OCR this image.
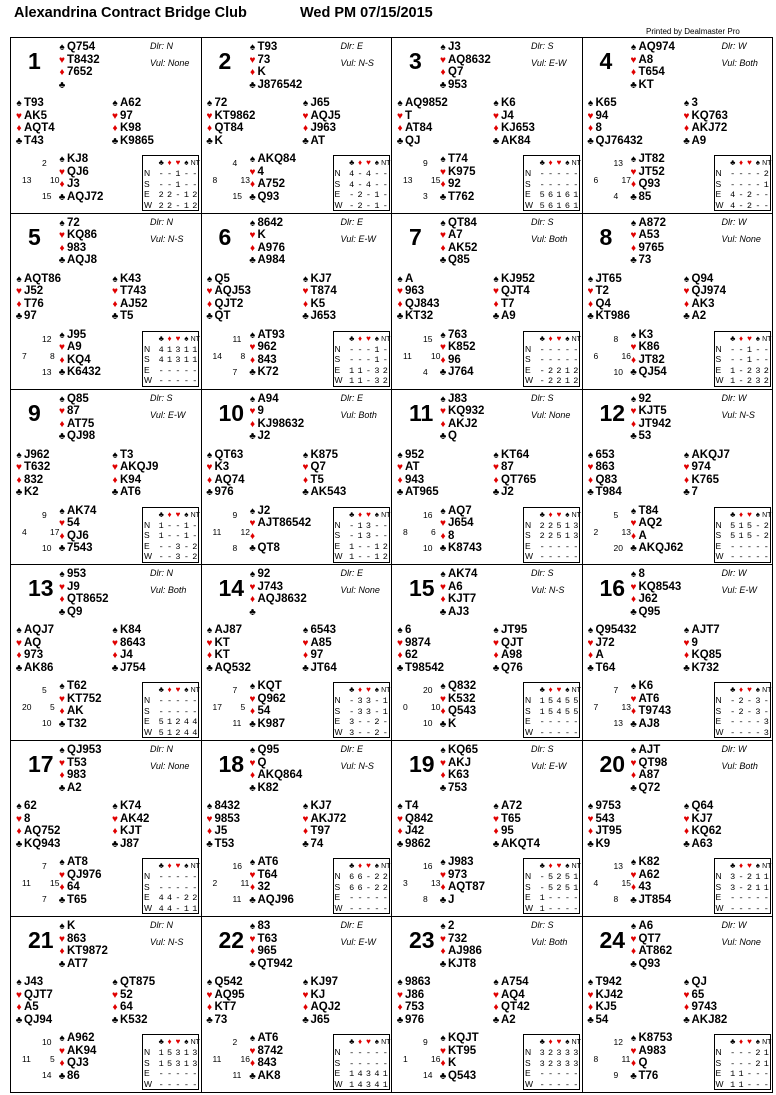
Alexandrina Contract Bridge Club	Wed PM 07/15/2015
Printed by Dealmaster Pro
1
Dlr: N
Vul: None
♠ Q754
♥ T8432
♦ 7652
♣
♠ T93
♥ AK5
♦ AQT4
♣ T43
♠ A62
♥ 97
♦ K98
♣ K9865
♠ KJ8
♥ QJ6
♦ J3
♣ AQJ72
2
13 10
15
♣ ♦ ♥ ♠ NT
N - - 1 - -
S - - 1 - -
E 2 2 - 1 2
W 2 2 - 1 2
2
Dlr: E
Vul: N-S
♠ T93
♥ 73
♦ K
♣ J876542
♠ 72
♥ KT9862
♦ QT84
♣ K
♠ J65
♥ AQJ5
♦ J963
♣ AT
♠ AKQ84
♥ 4
♦ A752
♣ Q93
4
8	13
15
♣ ♦ ♥ ♠ NT
N 4 - 4 - -
S 4 - 4 - -
E - 2 - 1 -
W - 2 - 1 -
3
Dlr: S
Vul: E-W
♠ J3
♥ AQ8632
♦ Q7
♣ 953
♠ AQ9852
♥ T
♦ AT84
♣ QJ
♠ K6
♥ J4
♦ KJ653
♣ AK84
♠ T74
♥ K975
♦ 92
♣ T762
9
13 15
3
♣ ♦ ♥ ♠ NT
N - - - - -
S - - - - -
E 5 6 1 6 1
W 5 6 1 6 1
4
Dlr: W
Vul: Both
♠ AQ974
♥ A8
♦ T654
♣ KT
♠ K65
♥ 94
♦ 8
♣ QJ76432
♠ 3
♥ KQ763
♦ AKJ72
♣ A9
♠ JT82
♥ JT52
♦ Q93
♣ 85
13
6	17
4
♣ ♦ ♥ ♠ NT
N - - - - 2
S - - - - 1
E 4 - 2 - -
W 4 - 2 - -
5
Dlr: N
Vul: N-S
♠ 72
♥ KQ86
♦ 983
♣ AQJ8
♠ AQT86
♥ J52
♦ T76
♣ 97
♠ K43
♥ T743
♦ AJ52
♣ T5
♠ J95
♥ A9
♦ KQ4
♣ K6432
12
7	8
13
♣ ♦ ♥ ♠ NT
N 4 1 3 1 1
S 4 1 3 1 1
E - - - - -
W - - - - -
6
Dlr: E
Vul: E-W
♠ 8642
♥ K
♦ A976
♣ A984
♠ Q5
♥ AQJ53
♦ QJT2
♣ QT
♠ KJ7
♥ T874
♦ K5
♣ J653
♠ AT93
♥ 962
♦ 843
♣ K72
11
14 8
7
♣ ♦ ♥ ♠ NT
N - - - 1 -
S - - - 1 -
E 1 1 - 3 2
W 1 1 - 3 2
7
Dlr: S
Vul: Both
♠ QT84
♥ A7
♦ AK52
♣ Q85
♠ A
♥ 963
♦ QJ843
♣ KT32
♠ KJ952
♥ QJT4
♦ T7
♣ A9
♠ 763
♥ K852
♦ 96
♣ J764
15
11 10
4
♣ ♦ ♥ ♠ NT
N - - - - -
S - - - - -
E - 2 2 1 2
W - 2 2 1 2
8
Dlr: W
Vul: None
♠ A872
♥ A53
♦ 9765
♣ 73
♠ JT65
♥ T2
♦ Q4
♣ KT986
♠ Q94
♥ QJ974
♦ AK3
♣ A2
♠ K3
♥ K86
♦ JT82
♣ QJ54
8
6	16
10
♣ ♦ ♥ ♠ NT
N - - 1 - -
S - - 1 - -
E 1 - 2 3 2
W 1 - 2 3 2
9
Dlr: S
Vul: E-W
♠ Q85
♥ 87
♦ AT75
♣ QJ98
♠ J962
♥ T632
♦ 832
♣ K2
♠ T3
♥ AKQJ9
♦ K94
♣ AT6
♠ AK74
♥ 54
♦ QJ6
♣ 7543
9
4	17
10
♣ ♦ ♥ ♠ NT
N 1 - - 1 -
S 1 - - 1 -
E - - 3 - 2
W - - 3 - 2
10
Dlr: E
Vul: Both
♠ A94
♥ 9
♦ KJ98632
♣ J2
♠ QT63
♥ K3
♦ AQ74
♣ 976
♠ K875
♥ Q7
♦ T5
♣ AK543
♠ J2
♥ AJT86542
♦
♣ QT8
9
11 12
8
♣ ♦ ♥ ♠ NT
N - 1 3 - -
S - 1 3 - -
E 1 - - 1 2
W 1 - - 1 2
11
Dlr: S
Vul: None
♠ J83
♥ KQ932
♦ AKJ2
♣ Q
♠ 952
♥ AT
♦ 943
♣ AT965
♠ KT64
♥ 87
♦ QT765
♣ J2
♠ AQ7
♥ J654
♦ 8
♣ K8743
16
8	6
10
♣ ♦ ♥ ♠ NT
N 2 2 5 1 3
S 2 2 5 1 3
E - - - - -
W - - - - -
12
Dlr: W
Vul: N-S
♠ 92
♥ KJT5
♦ JT942
♣ 53
♠ 653
♥ 863
♦ Q83
♣ T984
♠ AKQJ7
♥ 974
♦ K765
♣ 7
♠ T84
♥ AQ2
♦ A
♣ AKQJ62
5
2	13
20
♣ ♦ ♥ ♠ NT
N 5 1 5 - 2
S 5 1 5 - 2
E - - - - -
W - - - - -
13
Dlr: N
Vul: Both
♠ 953
♥ J9
♦ QT8652
♣ Q9
♠ AQJ7
♥ AQ
♦ 973
♣ AK86
♠ K84
♥ 8643
♦ J4
♣ J754
♠ T62
♥ KT752
♦ AK
♣ T32
5
20 5
10
♣ ♦ ♥ ♠ NT
N - - - - -
S - - - - -
E 5 1 2 4 4
W 5 1 2 4 4
14
Dlr: E
Vul: None
♠ 92
♥ J743
♦ AQJ8632
♣
♠ AJ87
♥ KT
♦ KT
♣ AQ532
♠ 6543
♥ A85
♦ 97
♣ JT64
♠ KQT
♥ Q962
♦ 54
♣ K987
7
17 5
11
♣ ♦ ♥ ♠ NT
N - 3 3 - 1
S - 3 3 - 1
E 3 - - 2 -
W 3 - - 2 -
15
Dlr: S
Vul: N-S
♠ AK74
♥ A6
♦ KJT7
♣ AJ3
♠ 6
♥ 9874
♦ 62
♣ T98542
♠ JT95
♥ QJT
♦ A98
♣ Q76
♠ Q832
♥ K532
♦ Q543
♣ K
20
0	10
10
♣ ♦ ♥ ♠ NT
N 1 5 4 5 5
S 1 5 4 5 5
E - - - - -
W - - - - -
16
Dlr: W
Vul: E-W
♠ 8
♥ KQ8543
♦ J62
♣ Q95
♠ Q95432
♥ J72
♦ A
♣ T64
♠ AJT7
♥ 9
♦ KQ85
♣ K732
♠ K6
♥ AT6
♦ T9743
♣ AJ8
7
7	13
13
♣ ♦ ♥ ♠ NT
N - 2 - 3 -
S - 2 - 3 -
E - - - - 3
W - - - - 3
17
Dlr: N
Vul: None
♠ QJ953
♥ T53
♦ 983
♣ A2
♠ 62
♥ 8
♦ AQ752
♣ KQ943
♠ K74
♥ AK42
♦ KJT
♣ J87
♠ AT8
♥ QJ976
♦ 64
♣ T65
7
11 15
7
♣ ♦ ♥ ♠ NT
N - - - - -
S - - - - -
E 4 4 - 2 2
W 4 4 - 1 1
18
Dlr: E
Vul: N-S
♠ Q95
♥ Q
♦ AKQ864
♣ K82
♠ 8432
♥ 9853
♦ J5
♣ T53
♠ KJ7
♥ AKJ72
♦ T97
♣ 74
♠ AT6
♥ T64
♦ 32
♣ AQJ96
16
2	11
11
♣ ♦ ♥ ♠ NT
N 6 6 - 2 2
S 6 6 - 2 2
E - - - - -
W - - - - -
19
Dlr: S
Vul: E-W
♠ KQ65
♥ AKJ
♦ K63
♣ 753
♠ T4
♥ Q842
♦ J42
♣ 9862
♠ A72
♥ T65
♦ 95
♣ AKQT4
♠ J983
♥ 973
♦ AQT87
♣ J
16
3	13
8
♣ ♦ ♥ ♠ NT
N - 5 2 5 1
S - 5 2 5 1
E 1 - - - -
W 1 - - - -
20
Dlr: W
Vul: Both
♠ AJT
♥ QT98
♦ A87
♣ Q72
♠ 9753
♥ 543
♦ JT95
♣ K9
♠ Q64
♥ KJ7
♦ KQ62
♣ A63
♠ K82
♥ A62
♦ 43
♣ JT854
13
4	15
8
♣ ♦ ♥ ♠ NT
N 3 - 2 1 1
S 3 - 2 1 1
E - - - - -
W - - - - -
21
Dlr: N
Vul: N-S
♠ K
♥ 863
♦ KT9872
♣ AT7
♠ J43
♥ QJT7
♦ A5
♣ QJ94
♠ QT875
♥ 52
♦ 64
♣ K532
♠ A962
♥ AK94
♦ QJ3
♣ 86
10
11 5
14
♣ ♦ ♥ ♠ NT
N 1 5 3 1 3
S 1 5 3 1 3
E - - - - -
W - - - - -
22
Dlr: E
Vul: E-W
♠ 83
♥ T63
♦ 965
♣ QT942
♠ Q542
♥ AQ95
♦ KT7
♣ 73
♠ KJ97
♥ KJ
♦ AQJ2
♣ J65
♠ AT6
♥ 8742
♦ 843
♣ AK8
2
11 16
11
♣ ♦ ♥ ♠ NT
N - - - - -
S - - - - -
E 1 4 3 4 1
W 1 4 3 4 1
23
Dlr: S
Vul: Both
♠ 2
♥ 732
♦ AJ986
♣ KJT8
♠ 9863
♥ J86
♦ 753
♣ 976
♠ A754
♥ AQ4
♦ QT42
♣ A2
♠ KQJT
♥ KT95
♦ K
♣ Q543
9
1	16
14
♣ ♦ ♥ ♠ NT
N 3 2 3 3 3
S 3 2 3 3 3
E - - - - -
W - - - - -
24
Dlr: W
Vul: None
♠ A6
♥ QT7
♦ AT862
♣ Q93
♠ T942
♥ KJ42
♦ KJ5
♣ 54
♠ QJ
♥ 65
♦ 9743
♣ AKJ82
♠ K8753
♥ A983
♦ Q
♣ T76
12
8	11
9
♣ ♦ ♥ ♠ NT
N - - - 2 1
S - - - 2 1
E 1 1 - - -
W 1 1 - - -
